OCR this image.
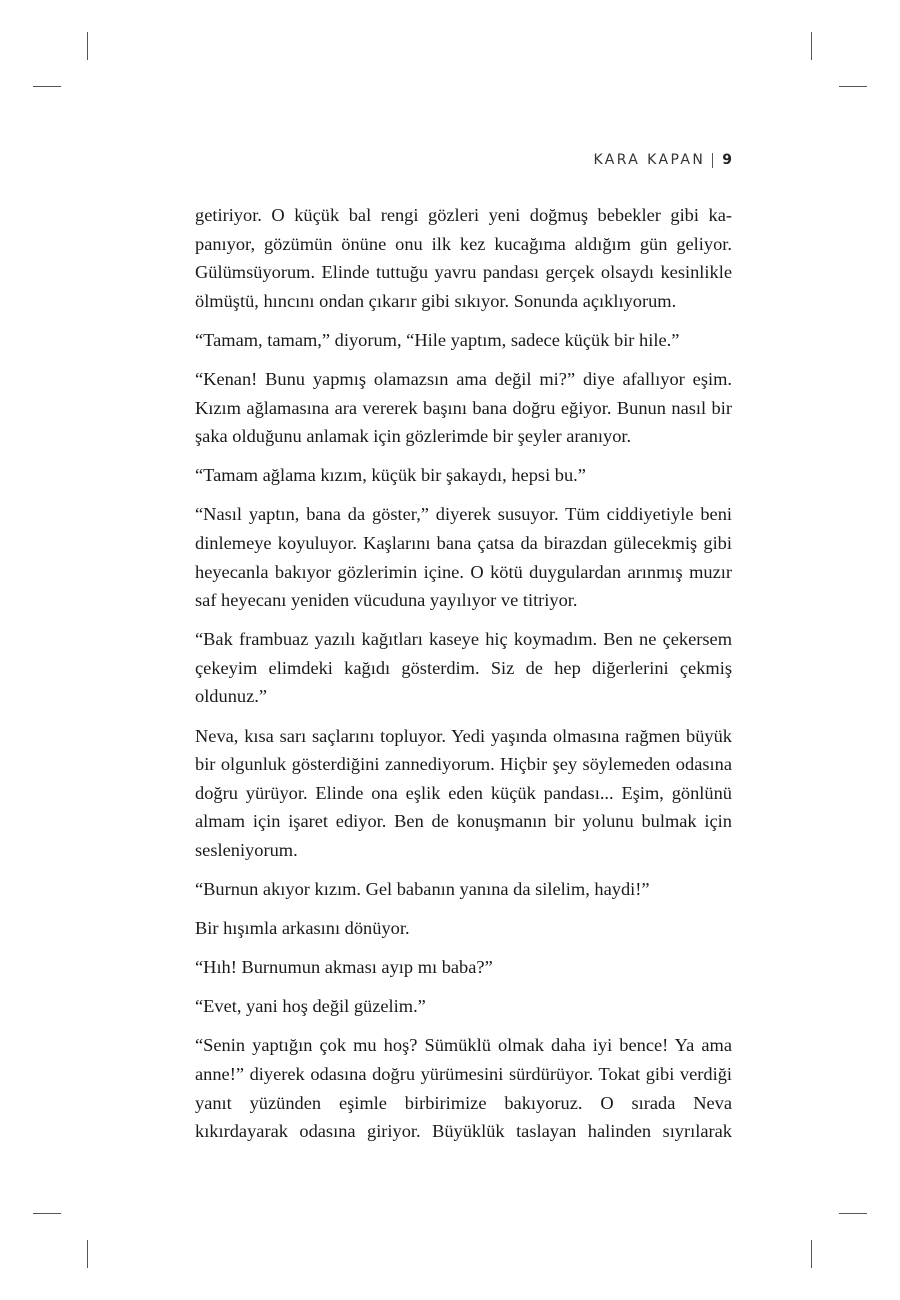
KARA KAPAN 9

getiriyor. O küçük bal rengi gözleri yeni doğmuş bebekler gibi kapanıyor, gözümün önüne onu ilk kez kucağıma aldığım gün geliyor. Gülümsüyorum. Elinde tuttuğu yavru pandası gerçek olsaydı kesinlikle ölmüştü, hıncını ondan çıkarır gibi sıkıyor. Sonunda açıklıyorum.

“Tamam, tamam,” diyorum, “Hile yaptım, sadece küçük bir hile.”

“Kenan! Bunu yapmış olamazsın ama değil mi?” diye afallıyor eşim. Kızım ağlamasına ara vererek başını bana doğru eğiyor. Bunun nasıl bir şaka olduğunu anlamak için gözlerimde bir şeyler aranıyor.

“Tamam ağlama kızım, küçük bir şakaydı, hepsi bu.”

“Nasıl yaptın, bana da göster,” diyerek susuyor. Tüm ciddiyetiyle beni dinlemeye koyuluyor. Kaşlarını bana çatsa da birazdan gülecekmiş gibi heyecanla bakıyor gözlerimin içine. O kötü duygulardan arınmış muzır saf heyecanı yeniden vücuduna yayılıyor ve titriyor.

“Bak frambuaz yazılı kağıtları kaseye hiç koymadım. Ben ne çekersem çekeyim elimdeki kağıdı gösterdim. Siz de hep diğerlerini çekmiş oldunuz.”

Neva, kısa sarı saçlarını topluyor. Yedi yaşında olmasına rağmen büyük bir olgunluk gösterdiğini zannediyorum. Hiçbir şey söylemeden odasına doğru yürüyor. Elinde ona eşlik eden küçük pandası... Eşim, gönlünü almam için işaret ediyor. Ben de konuşmanın bir yolunu bulmak için sesleniyorum.

“Burnun akıyor kızım. Gel babanın yanına da silelim, haydi!”

Bir hışımla arkasını dönüyor.

“Hıh! Burnumun akması ayıp mı baba?”

“Evet, yani hoş değil güzelim.”

“Senin yaptığın çok mu hoş? Sümüklü olmak daha iyi bence! Ya ama anne!” diyerek odasına doğru yürümesini sürdürüyor. Tokat gibi verdiği yanıt yüzünden eşimle birbirimize bakıyoruz. O sırada Neva kıkırdayarak odasına giriyor. Büyüklük taslayan halinden sıyrılarak
